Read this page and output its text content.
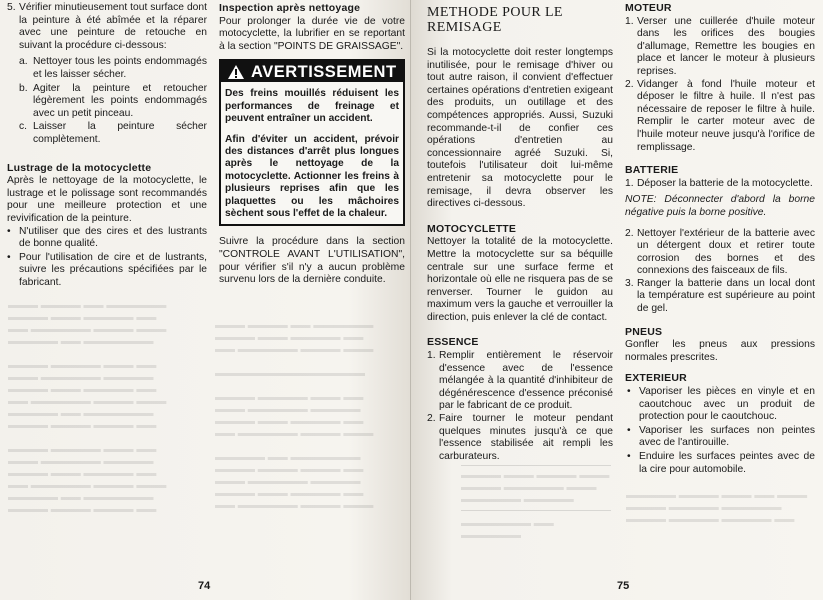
▬▬▬ ▬▬▬▬ ▬▬ ▬▬▬▬▬▬
▬▬▬▬ ▬▬▬ ▬▬▬▬▬ ▬▬
▬▬ ▬▬▬▬▬▬ ▬▬▬▬ ▬▬▬
▬▬▬▬▬ ▬▬ ▬▬▬▬▬▬▬

▬▬▬▬ ▬▬▬▬▬ ▬▬▬ ▬▬
▬▬▬ ▬▬▬▬▬▬ ▬▬▬▬▬
▬▬▬▬ ▬▬▬ ▬▬▬▬▬ ▬▬
▬▬ ▬▬▬▬▬▬ ▬▬▬▬ ▬▬▬
▬▬▬▬▬ ▬▬ ▬▬▬▬▬▬▬
▬▬▬▬ ▬▬▬▬ ▬▬▬▬ ▬▬

▬▬▬▬ ▬▬▬▬▬ ▬▬▬ ▬▬
▬▬▬ ▬▬▬▬▬▬ ▬▬▬▬▬
▬▬▬▬ ▬▬▬ ▬▬▬▬▬ ▬▬
▬▬ ▬▬▬▬▬▬ ▬▬▬▬ ▬▬▬
▬▬▬▬▬ ▬▬ ▬▬▬▬▬▬▬
▬▬▬▬ ▬▬▬▬ ▬▬▬▬ ▬▬
▬▬▬ ▬▬▬▬ ▬▬ ▬▬▬▬▬▬
▬▬▬▬ ▬▬▬ ▬▬▬▬▬ ▬▬
▬▬ ▬▬▬▬▬▬ ▬▬▬▬ ▬▬▬

▬▬▬▬▬▬▬▬▬▬▬▬▬▬▬

▬▬▬▬ ▬▬▬▬▬ ▬▬▬ ▬▬
▬▬▬ ▬▬▬▬▬▬ ▬▬▬▬▬
▬▬▬▬ ▬▬▬ ▬▬▬▬▬ ▬▬
▬▬ ▬▬▬▬▬▬ ▬▬▬▬ ▬▬▬

▬▬▬▬▬ ▬▬ ▬▬▬▬▬▬▬
▬▬▬▬ ▬▬▬▬ ▬▬▬▬ ▬▬
▬▬▬ ▬▬▬▬▬▬ ▬▬▬▬▬
▬▬▬▬ ▬▬▬ ▬▬▬▬▬ ▬▬
▬▬ ▬▬▬▬▬▬ ▬▬▬▬ ▬▬▬
5. Vérifier minutieusement tout surface dont la peinture à été abîmée et la réparer avec une peinture de retouche en suivant la procédure ci-dessous:
a. Nettoyer tous les points endommagés et les laisser sécher.
b. Agiter la peinture et retoucher légèrement les points endommagés avec un petit pinceau.
c. Laisser la peinture sécher complètement.
Lustrage de la motocyclette

Après le nettoyage de la motocyclette, le lustrage et le polissage sont recommandés pour une meilleure protection et une revivification de la peinture.

• N'utiliser que des cires et des lustrants de bonne qualité.
• Pour l'utilisation de cire et de lustrants, suivre les précautions spécifiées par le fabricant.
Inspection après nettoyage

Pour prolonger la durée vie de votre motocyclette, la lubrifier en se reportant à la section "POINTS DE GRAISSAGE".

AVERTISSEMENT

Des freins mouillés réduisent les performances de freinage et peuvent entraîner un accident.

Afin d'éviter un accident, prévoir des distances d'arrêt plus longues après le nettoyage de la motocyclette. Actionner les freins à plusieurs reprises afin que les plaquettes ou les mâchoires sèchent sous l'effet de la chaleur.

Suivre la procédure dans la section "CONTROLE AVANT L'UTILISATION", pour vérifier s'il n'y a aucun problème survenu lors de la dernière conduite.

74
▬▬▬▬ ▬▬▬ ▬▬▬▬ ▬▬▬
▬▬▬▬ ▬▬▬▬▬▬ ▬▬▬
▬▬▬▬▬▬ ▬▬▬▬▬

▬▬▬▬▬▬▬ ▬▬ ▬▬▬▬▬▬
▬▬▬▬▬ ▬▬▬▬ ▬▬▬ ▬▬ ▬▬▬
▬▬▬▬ ▬▬▬▬▬ ▬▬▬▬▬▬
▬▬▬▬ ▬▬▬▬▬ ▬▬▬▬▬ ▬▬
METHODE POUR LE REMISAGE

Si la motocyclette doit rester longtemps inutilisée, pour le remisage d'hiver ou tout autre raison, il convient d'effectuer certaines opérations d'entretien exigeant des produits, un outillage et des compétences appropriés. Aussi, Suzuki recommande-t-il de confier ces opérations d'entretien au concessionnaire agréé Suzuki. Si, toutefois l'utilisateur doit lui-même entretenir sa motocyclette pour le remisage, il devra observer les directives ci-dessous.

MOTOCYCLETTE

Nettoyer la totalité de la motocyclette. Mettre la motocyclette sur sa béquille centrale sur une surface ferme et horizontale où elle ne risquera pas de se renverser. Tourner le guidon au maximum vers la gauche et verrouiller la direction, puis enlever la clé de contact.

ESSENCE
1. Remplir entièrement le réservoir d'essence avec de l'essence mélangée à la quantité d'inhibiteur de dégénérescence d'essence préconisé par le fabricant de ce produit.
2. Faire tourner le moteur pendant quelques minutes jusqu'à ce que l'essence stabilisée ait rempli les carburateurs.
MOTEUR
1. Verser une cuillerée d'huile moteur dans les orifices des bougies d'allumage, Remettre les bougies en place et lancer le moteur à plusieurs reprises.
2. Vidanger à fond l'huile moteur et déposer le filtre à huile. Il n'est pas nécessaire de reposer le filtre à huile. Remplir le carter moteur avec de l'huile moteur neuve jusqu'à l'orifice de remplissage.
BATTERIE
1. Déposer la batterie de la motocyclette.

NOTE: Déconnecter d'abord la borne négative puis la borne positive.

2. Nettoyer l'extérieur de la batterie avec un détergent doux et retirer toute corrosion des bornes et des connexions des faisceaux de fils.
3. Ranger la batterie dans un local dont la température est supérieure au point de gel.
PNEUS

Gonfler les pneus aux pressions normales prescrites.

EXTERIEUR
• Vaporiser les pièces en vinyle et en caoutchouc avec un produit de protection pour le caoutchouc.
• Vaporiser les surfaces non peintes avec de l'antirouille.
• Enduire les surfaces peintes avec de la cire pour automobile.
75
